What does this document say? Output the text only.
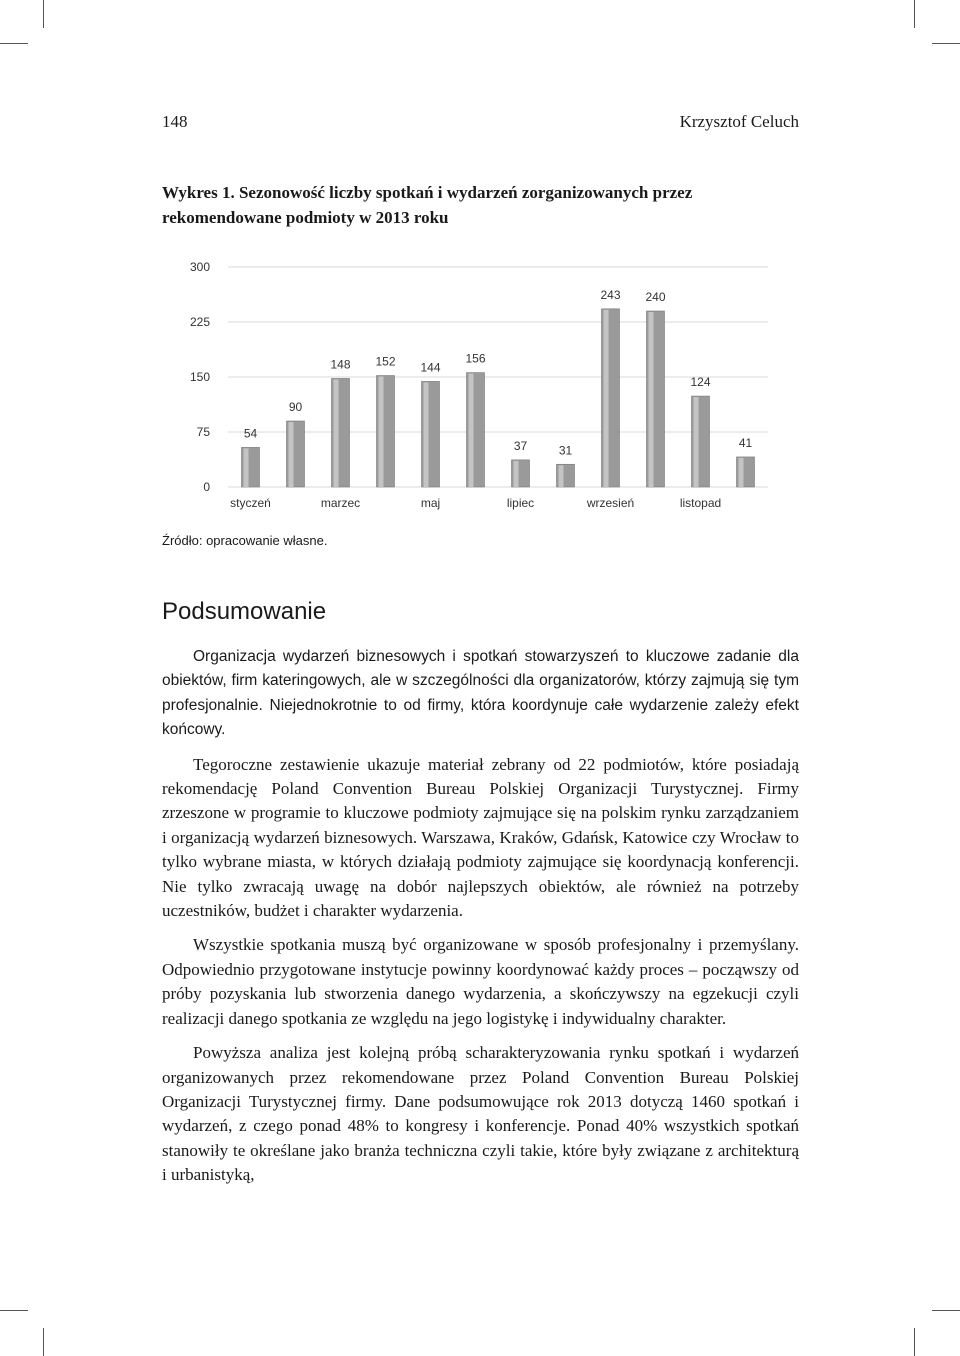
148	Krzysztof Celuch
Wykres 1. Sezonowość liczby spotkań i wydarzeń zorganizowanych przez rekomendowane podmioty w 2013 roku
0
75
150
225
300
54
styczeń
90
148
marzec
152 144
maj
156
37
lipiec
31
243
wrzesień
240
124
listopad
41
Źródło: opracowanie własne.
Podsumowanie

Organizacja wydarzeń biznesowych i spotkań stowarzyszeń to kluczowe zadanie dla obiektów, firm kateringowych, ale w szczególności dla organizatorów, którzy zajmują się tym profesjonalnie. Niejednokrotnie to od firmy, która koordynuje całe wydarzenie zależy efekt końcowy.

Tegoroczne zestawienie ukazuje materiał zebrany od 22 podmiotów, które posiadają rekomendację Poland Convention Bureau Polskiej Organizacji Turystycznej. Firmy zrzeszone w programie to kluczowe podmioty zajmujące się na polskim rynku zarządzaniem i organizacją wydarzeń biznesowych. Warszawa, Kraków, Gdańsk, Katowice czy Wrocław to tylko wybrane miasta, w których działają podmioty zajmujące się koordynacją konferencji. Nie tylko zwracają uwagę na dobór najlepszych obiektów, ale również na potrzeby uczestników, budżet i charakter wydarzenia.

Wszystkie spotkania muszą być organizowane w sposób profesjonalny i przemyślany. Odpowiednio przygotowane instytucje powinny koordynować każdy proces – począwszy od próby pozyskania lub stworzenia danego wydarzenia, a skończywszy na egzekucji czyli realizacji danego spotkania ze względu na jego logistykę i indywidualny charakter.

Powyższa analiza jest kolejną próbą scharakteryzowania rynku spotkań i wydarzeń organizowanych przez rekomendowane przez Poland Convention Bureau Polskiej Organizacji Turystycznej firmy. Dane podsumowujące rok 2013 dotyczą 1460 spotkań i wydarzeń, z czego ponad 48% to kongresy i konferencje. Ponad 40% wszystkich spotkań stanowiły te określane jako branża techniczna czyli takie, które były związane z architekturą i urbanistyką,
